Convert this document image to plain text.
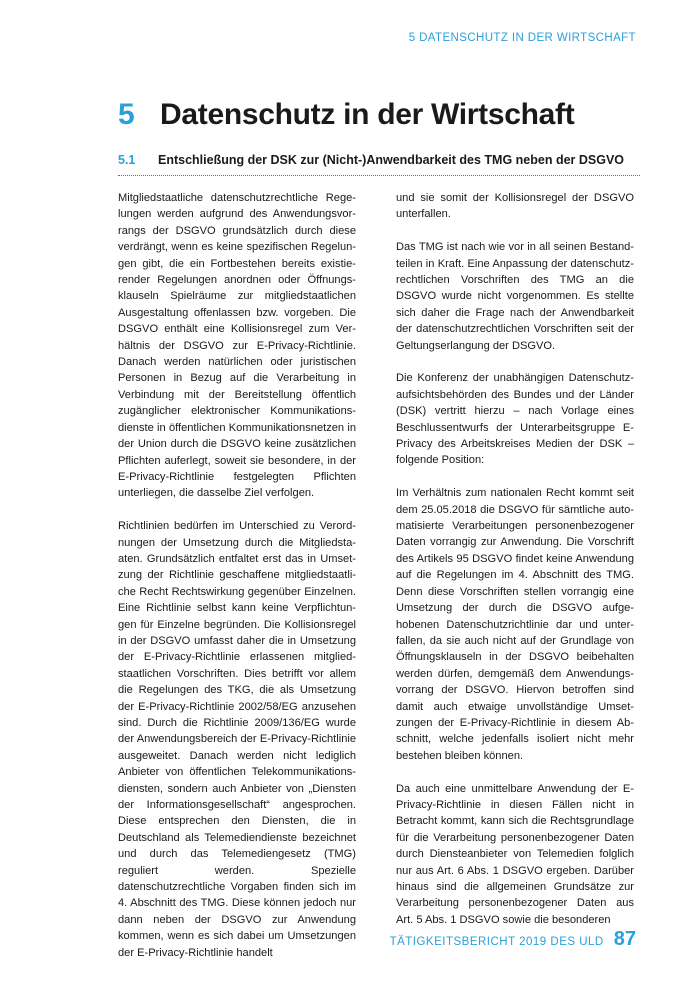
5 DATENSCHUTZ IN DER WIRTSCHAFT
5 Datenschutz in der Wirtschaft
5.1	Entschließung der DSK zur (Nicht-)Anwendbarkeit des TMG neben der DSGVO

Mitgliedstaatliche datenschutzrechtliche Regelungen werden aufgrund des Anwendungsvorrangs der DSGVO grundsätzlich durch diese verdrängt, wenn es keine spezifischen Regelungen gibt, die ein Fortbestehen bereits existierender Regelungen anordnen oder Öffnungsklauseln Spielräume zur mitgliedstaatlichen Ausgestaltung offenlassen bzw. vorgeben. Die DSGVO enthält eine Kollisionsregel zum Verhältnis der DSGVO zur E-Privacy-Richtlinie. Danach werden natürlichen oder juristischen Personen in Bezug auf die Verarbeitung in Verbindung mit der Bereitstellung öffentlich zugänglicher elektronischer Kommunikationsdienste in öffentlichen Kommunikationsnetzen in der Union durch die DSGVO keine zusätzlichen Pflichten auferlegt, soweit sie besondere, in der E-Privacy-Richtlinie festgelegten Pflichten unterliegen, die dasselbe Ziel verfolgen.

Richtlinien bedürfen im Unterschied zu Verordnungen der Umsetzung durch die Mitgliedstaaten. Grundsätzlich entfaltet erst das in Umsetzung der Richtlinie geschaffene mitgliedstaatliche Recht Rechtswirkung gegenüber Einzelnen. Eine Richtlinie selbst kann keine Verpflichtungen für Einzelne begründen. Die Kollisionsregel in der DSGVO umfasst daher die in Umsetzung der E-Privacy-Richtlinie erlassenen mitgliedstaatlichen Vorschriften. Dies betrifft vor allem die Regelungen des TKG, die als Umsetzung der E-Privacy-Richtlinie 2002/58/EG anzusehen sind. Durch die Richtlinie 2009/136/EG wurde der Anwendungsbereich der E-Privacy-Richtlinie ausgeweitet. Danach werden nicht lediglich Anbieter von öffentlichen Telekommunikationsdiensten, sondern auch Anbieter von „Diensten der Informationsgesellschaft“ angesprochen. Diese entsprechen den Diensten, die in Deutschland als Telemediendienste bezeichnet und durch das Telemediengesetz (TMG) reguliert werden. Spezielle datenschutzrechtliche Vorgaben finden sich im 4. Abschnitt des TMG. Diese können jedoch nur dann neben der DSGVO zur Anwendung kommen, wenn es sich dabei um Umsetzungen der E-Privacy-Richtlinie handelt

und sie somit der Kollisionsregel der DSGVO unterfallen.

Das TMG ist nach wie vor in all seinen Bestandteilen in Kraft. Eine Anpassung der datenschutzrechtlichen Vorschriften des TMG an die DSGVO wurde nicht vorgenommen. Es stellte sich daher die Frage nach der Anwendbarkeit der datenschutzrechtlichen Vorschriften seit der Geltungserlangung der DSGVO.

Die Konferenz der unabhängigen Datenschutzaufsichtsbehörden des Bundes und der Länder (DSK) vertritt hierzu – nach Vorlage eines Beschlussentwurfs der Unterarbeitsgruppe E-Privacy des Arbeitskreises Medien der DSK – folgende Position:

Im Verhältnis zum nationalen Recht kommt seit dem 25.05.2018 die DSGVO für sämtliche automatisierte Verarbeitungen personenbezogener Daten vorrangig zur Anwendung. Die Vorschrift des Artikels 95 DSGVO findet keine Anwendung auf die Regelungen im 4. Abschnitt des TMG. Denn diese Vorschriften stellen vorrangig eine Umsetzung der durch die DSGVO aufgehobenen Datenschutzrichtlinie dar und unterfallen, da sie auch nicht auf der Grundlage von Öffnungsklauseln in der DSGVO beibehalten werden dürfen, demgemäß dem Anwendungsvorrang der DSGVO. Hiervon betroffen sind damit auch etwaige unvollständige Umsetzungen der E-Privacy-Richtlinie in diesem Abschnitt, welche jedenfalls isoliert nicht mehr bestehen bleiben können.

Da auch eine unmittelbare Anwendung der E-Privacy-Richtlinie in diesen Fällen nicht in Betracht kommt, kann sich die Rechtsgrundlage für die Verarbeitung personenbezogener Daten durch Diensteanbieter von Telemedien folglich nur aus Art. 6 Abs. 1 DSGVO ergeben. Darüber hinaus sind die allgemeinen Grundsätze zur Verarbeitung personenbezogener Daten aus Art. 5 Abs. 1 DSGVO sowie die besonderen

TÄTIGKEITSBERICHT 2019 DES ULD 87
